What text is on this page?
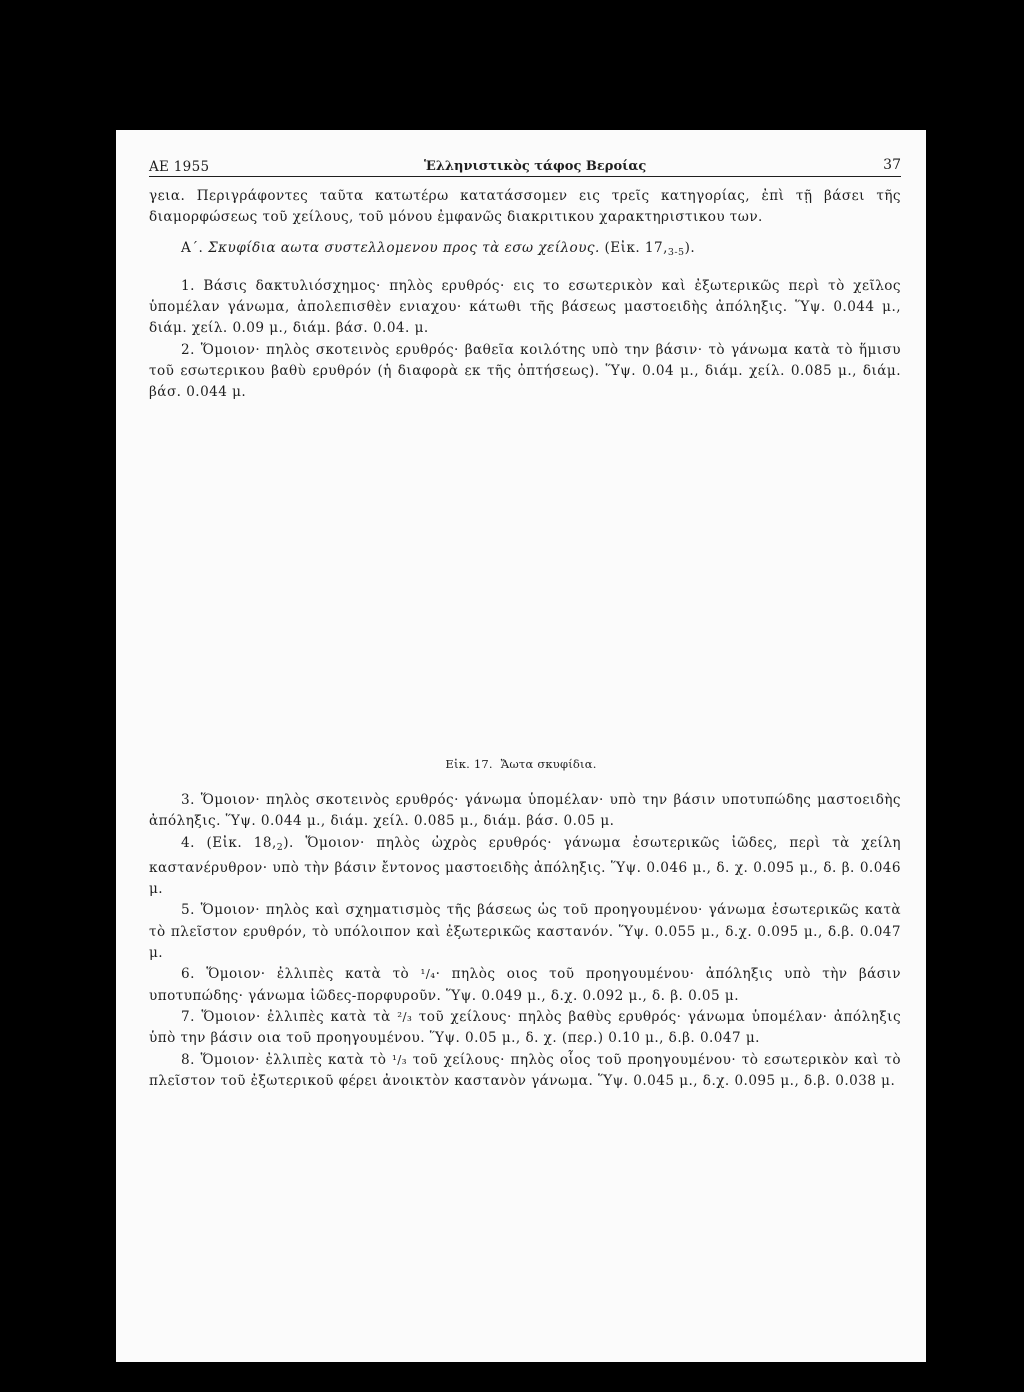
ΑΕ 1955	Ἑλληνιστικὸς τάφος Βεροίας	37

γεια. Περιγράφοντες ταῦτα κατωτέρω κατατάσσομεν εις τρεῖς κατηγορίας, ἐπὶ τῇ βάσει τῆς διαμορφώσεως τοῦ χείλους, τοῦ μόνου ἐμφανῶς διακριτικου χαρακτηριστικου των.

Α΄. Σκυφίδια αωτα συστελλομενου προς τὰ εσω χείλους. (Εἰκ. $17,_{3-5}$).

1. Βάσις δακτυλιόσχημος· πηλὸς ερυθρός· εις το εσωτερικὸν καὶ ἐξωτερικῶς περὶ τὸ χεῖλος ὑπομέλαν γάνωμα, ἀπολεπισθὲν ενιαχου· κάτωθι τῆς βάσεως μαστοειδὴς ἀπόληξις. Ὕψ. 0.044 μ., διάμ. χείλ. 0.09 μ., διάμ. βάσ. 0.04. μ.

2. Ὅμοιον· πηλὸς σκοτεινὸς ερυθρός· βαθεῖα κοιλότης υπὸ την βάσιν· τὸ γάνωμα κατὰ τὸ ἥμισυ τοῦ εσωτερικου βαθὺ ερυθρόν (ἡ διαφορὰ εκ τῆς ὀπτήσεως). Ὕψ. 0.04 μ., διάμ. χείλ. 0.085 μ., διάμ. βάσ. 0.044 μ.

Εἰκ. 17. Ἄωτα σκυφίδια.

3. Ὅμοιον· πηλὸς σκοτεινὸς ερυθρός· γάνωμα ὑπομέλαν· υπὸ την βάσιν υποτυπώδης μαστοειδὴς ἀπόληξις. Ὕψ. 0.044 μ., διάμ. χείλ. 0.085 μ., διάμ. βάσ. 0.05 μ.

4. (Εἰκ. $18,_2$). Ὅμοιον· πηλὸς ὠχρὸς ερυθρός· γάνωμα ἐσωτερικῶς ἰῶδες, περὶ τὰ χείλη καστανέρυθρον· υπὸ τὴν βάσιν ἔντονος μαστοειδὴς ἀπόληξις. Ὕψ. 0.046 μ., δ. χ. 0.095 μ., δ. β. 0.046 μ.

5. Ὅμοιον· πηλὸς καὶ σχηματισμὸς τῆς βάσεως ὡς τοῦ προηγουμένου· γάνωμα ἐσωτερικῶς κατὰ τὸ πλεῖστον ερυθρόν, τὸ υπόλοιπον καὶ ἐξωτερικῶς καστανόν. Ὕψ. 0.055 μ., δ.χ. 0.095 μ., δ.β. 0.047 μ.

6. Ὅμοιον· ἐλλιπὲς κατὰ τὸ ¹/₄· πηλὸς οιος τοῦ προηγουμένου· ἀπόληξις υπὸ τὴν βάσιν υποτυπώδης· γάνωμα ἰῶδες-πορφυροῦν. Ὕψ. 0.049 μ., δ.χ. 0.092 μ., δ. β. 0.05 μ.

7. Ὅμοιον· ἐλλιπὲς κατὰ τὰ ²/₃ τοῦ χείλους· πηλὸς βαθὺς ερυθρός· γάνωμα ὑπομέλαν· ἀπόληξις ὑπὸ την βάσιν οια τοῦ προηγουμένου. Ὕψ. 0.05 μ., δ. χ. (περ.) 0.10 μ., δ.β. 0.047 μ.

8. Ὅμοιον· ἐλλιπὲς κατὰ τὸ ¹/₃ τοῦ χείλους· πηλὸς οἷος τοῦ προηγουμένου· τὸ εσωτερικὸν καὶ τὸ πλεῖστον τοῦ ἐξωτερικοῦ φέρει ἀνοικτὸν καστανὸν γάνωμα. Ὕψ. 0.045 μ., δ.χ. 0.095 μ., δ.β. 0.038 μ.
